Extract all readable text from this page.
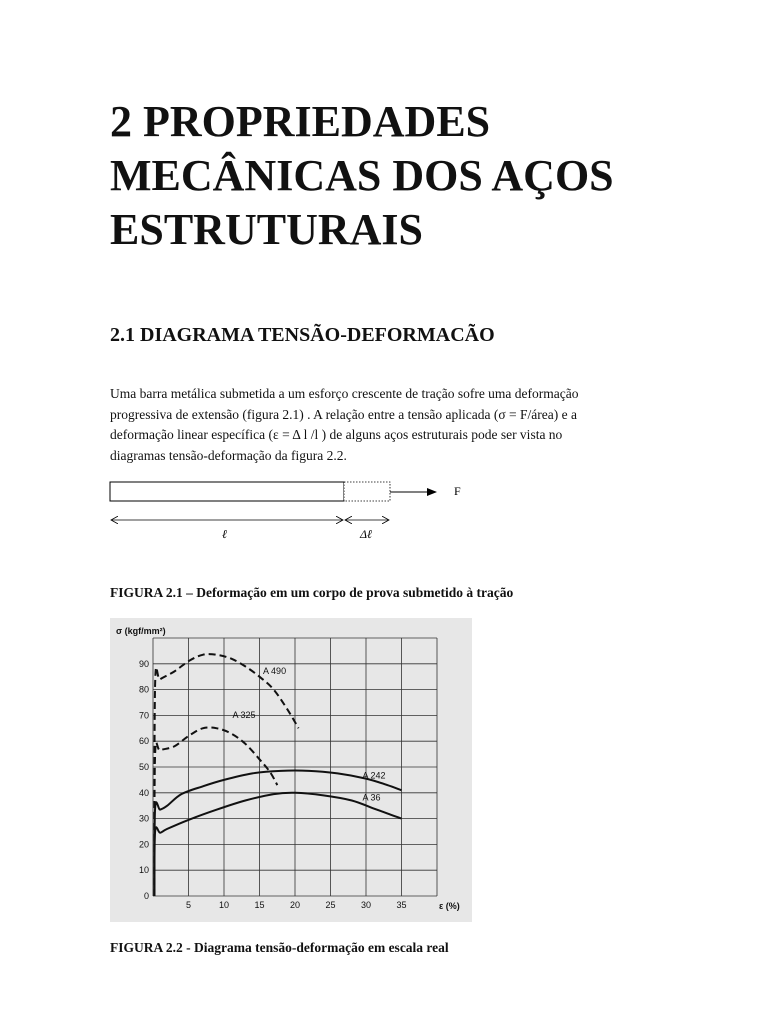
2 PROPRIEDADES
MECÂNICAS DOS AÇOS
ESTRUTURAIS
2.1 DIAGRAMA TENSÃO-DEFORMACÃO

Uma barra metálica submetida a um esforço crescente de tração sofre uma deformação
progressiva de extensão (figura 2.1) . A relação entre a tensão aplicada (σ = F/área) e a
deformação linear específica (ε = Δ l /l ) de alguns aços estruturais pode ser vista no
diagramas tensão-deformação da figura 2.2.

F
ℓ	Δℓ

FIGURA 2.1 – Deformação em um corpo de prova submetido à tração

0
10
20
30
40
50
60
70
80
90
5	10	15	20	25	30	35
σ (kgf/mm²)
ε (%)
A 490
A 325
A 242
A 36

FIGURA 2.2 - Diagrama tensão-deformação em escala real
